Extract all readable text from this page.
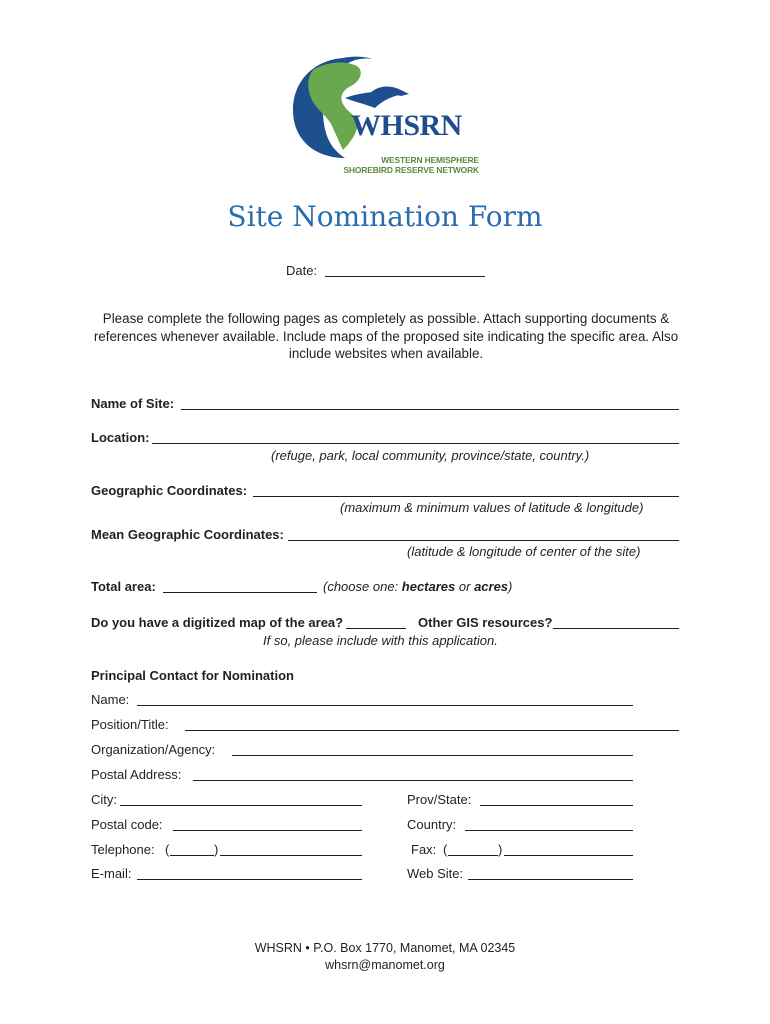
WHSRN
WESTERN HEMISPHERE
SHOREBIRD RESERVE NETWORK
Site Nomination Form
Date:
Please complete the following pages as completely as possible. Attach supporting documents & references whenever available. Include maps of the proposed site indicating the specific area. Also include websites when available.
Name of Site:
Location:
(refuge, park, local community, province/state, country.)
Geographic Coordinates:
(maximum & minimum values of latitude & longitude)
Mean Geographic Coordinates:
(latitude & longitude of center of the site)
Total area:	(choose one: hectares or acres)
Do you have a digitized map of the area?	Other GIS resources?
If so, please include with this application.
Principal Contact for Nomination
Name:
Position/Title:
Organization/Agency:
Postal Address:
City:	Prov/State:
Postal code:	Country:
Telephone: (	)	Fax: (	)
E-mail:	Web Site:
WHSRN • P.O. Box 1770, Manomet, MA 02345
whsrn@manomet.org
